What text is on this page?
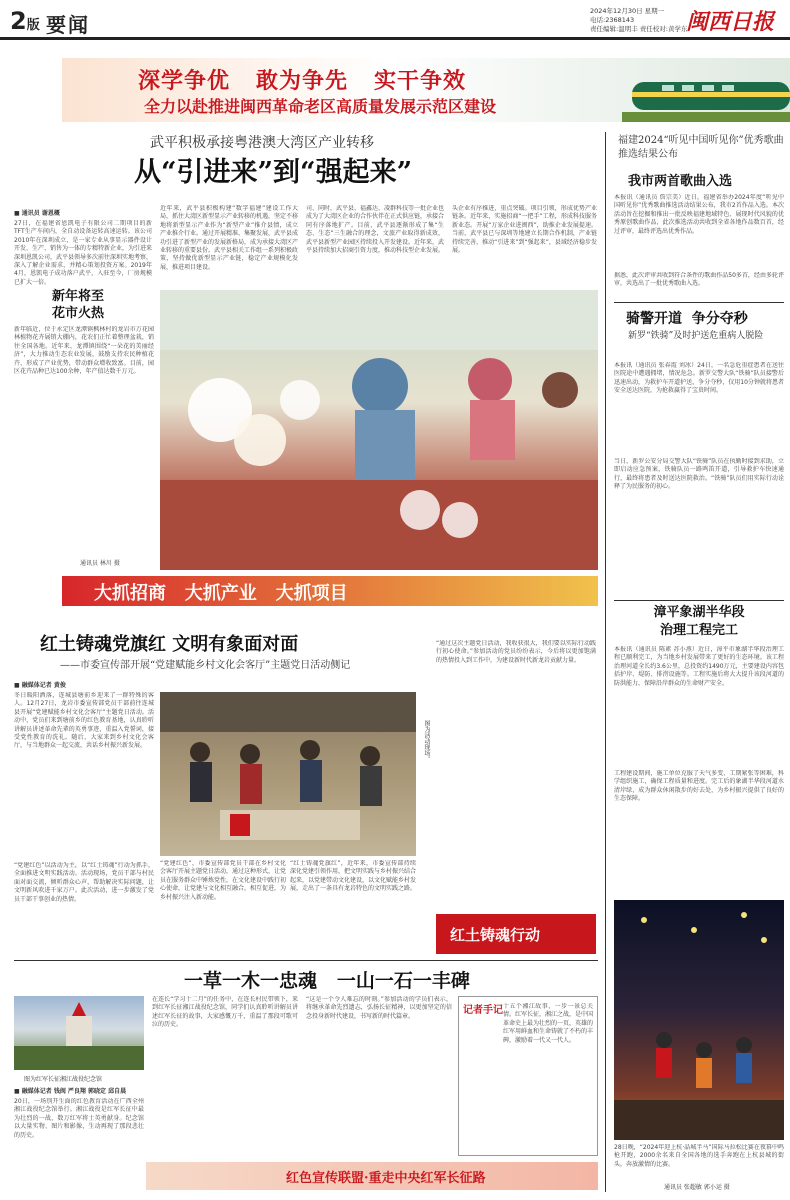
2版 要闻
2024年12月30日 星期一
电话:2368143
责任编辑:温明丰 责任校对:黄学东
闽西日报
深学争优   敢为争先   实干争效
全力以赴推进闽西革命老区高质量发展示范区建设
武平积极承接粤港澳大湾区产业转移
从“引进来”到“强起来”
■ 通讯员 谢恩概
27日，在福建省恩凯电子有限公司二期项目的新TFT生产车间内，全自动设备运转高速运转。该公司2010年在深圳成立，是一家专业从事显示器件设计开发、生产、销售为一体的专精特新企业，为引进来深圳恩凯公司，武平县领导多次前往深圳实地考察，深入了解企业需求，并精心策划投资方案。2019年4月，恩凯电子成功落户武平，入驻至今，厂房规模已扩大一倍。
近年来，武平县积极构建“数字福建”建设工作大局，抓住大湾区新型显示产业转移的机遇，坚定不移地将新型显示产业作为“新型产业”推介县情，成立产业推介行业。通过开展精准、集聚发展，武平县成功引进了新型产业的发展新格局，成为承接大湾区产业转移的重要县份。武平县相关工作组一系列积极政策，坚持做优新型显示产业链，稳定产业规模化发展，推进项目建设。
司、同时，武平县、福鑫达、凌群科技等一批企业也成为了大湾区企业的合作伙伴在正式供应链，承接合同有序落地扩产。目前，武平县逐渐形成了集“生态、生态”三生融合的理念，文旅产业取得新成效，武平县新型产业园区持续投入开发建设。近年来，武平县持续加大招商引资力度，推动科技型企业发展。
头企业有序推进，重点突破。项目引领，形成优势产业链条。近年来，实施招商“一把手”工程，形成科技服务新业态。开展“万家企业进闽西”，助推企业发展提速。当前，武平县已与深圳等地建立长期合作机制，产业链持续完善，推动“引进来”到“强起来”，县域经济稳步发展。
新年将至
花市火热
新年临近，位于永定区龙潭镇枫林村的龙岩市万花园林植物花卉展销大棚内，花农们正忙着整理盆栽，销往全国各地。近年来，龙潭镇围绕“一朵花的美丽经济”，大力推动生态农业发展，鼓励支持农民种植花卉，形成了产业优势，带动群众增收致富。目前，园区花卉品种已达100余种，年产值达数千万元。
通讯员 林川 摄
大抓招商   大抓产业   大抓项目
红土铸魂党旗红 文明有象面对面
——市委宣传部开展“党建赋能乡村文化会客厅”主题党日活动侧记
■ 融媒体记者 黄俊
冬日暖阳洒落，连城县塘前乡迎来了一群特殊的客人。12月27日，龙岩市委宣传部党员干部前往连城县开展“党建赋能乡村文化会客厅”主题党日活动。活动中，党员们来到塘前乡的红色教育基地，认真聆听讲解员讲述革命先辈的英勇事迹，重温入党誓词，接受党性教育的洗礼。随后，大家来到乡村文化会客厅，与当地群众一起交流，共话乡村振兴新发展。
“党建红色”以活动为主，以“红土铸魂”行动为抓手，全面推进文明实践活动。活动现场，党员干部与村民面对面交流，倾听群众心声，帮助解决实际问题，让文明新风吹进千家万户。此次活动，进一步激发了党员干部干事创业的热情。
图为活动现场。
“党建红色”，市委宣传部党员干部在乡村文化会客厅开展主题党日活动，通过这种形式，让党员在服务群众中锤炼党性，在文化建设中践行初心使命，让党建与文化相互融合，相互促进，为乡村振兴注入新动能。
“红土铸魂党旗红”，近年来，市委宣传部持续深化党建引领作用，把文明实践与乡村振兴结合起来，以党建带动文化建设，以文化赋能乡村发展，走出了一条具有龙岩特色的文明实践之路。
“通过这次主题党日活动，我收获很大，我们要以实际行动践行初心使命。”参加活动的党员纷纷表示，今后将以更加饱满的热情投入到工作中，为建设新时代新龙岩贡献力量。
红土铸魂行动
一草一木一忠魂   一山一石一丰碑
图为红军长征湘江战役纪念馆
■ 融媒体记者 钱闽 严良翔 郭晓定 邱自晨
20日，一场别开生面的红色教育活动在广西全州湘江战役纪念馆举行。湘江战役是红军长征中最为壮烈的一战，数万红军将士英勇献身。纪念馆以大量实物、图片和影像，生动再现了那段悲壮的历史。
在连长“学习十二月”的任务中，在连长村民带领下，来到红军长征湘江战役纪念馆，同学们认真聆听讲解员讲述红军长征的故事，大家感慨万千，重温了那段可歌可泣的历史。
“这是一个令人难忘的时刻。”参加活动的学员们表示，将继承革命先烈遗志，弘扬长征精神，以更加坚定的信念投身新时代建设，书写新的时代篇章。
记者手记 十五个湘江故事，一步一景总关情。红军长征，湘江之战，是中国革命史上最为壮烈的一页，英雄的红军用鲜血和生命铸就了不朽的丰碑，激励着一代又一代人。
红色宣传联盟·重走中央红军长征路
福建2024“听见中国听见你”优秀歌曲推选结果公布
我市两首歌曲入选
本报讯（通讯员 詹宗美）近日，福建省举办2024年度“听见中国听见你”优秀歌曲推选活动结果公布，我市2首作品入选。本次活动旨在挖掘和推出一批反映福建地域特色、展现时代风貌的优秀原创歌曲作品，此次推选活动共收到全省各地作品数百首，经过评审，最终评选出优秀作品。
据悉，此次评审共收到符合条件的歌曲作品50多首，经由多轮评审，共选出了一批优秀歌曲入选。
骑警开道  争分夺秒
新罗“铁骑”及时护送危重病人脱险
本报讯（通讯员 张春霞 刘冰）24日，一名急危重症患者在送往医院途中遭遇拥堵，情况危急。新罗交警大队“铁骑”队员接警后迅速出动，为救护车开道护送，争分夺秒，仅用10分钟就将患者安全送达医院，为抢救赢得了宝贵时间。
当日，新罗公安分局交警大队“铁骑”队员在执勤时接到求助，立即启动应急预案，铁骑队员一路鸣笛开道，引导救护车快速通行，最终将患者及时送达医院救治。“铁骑”队员们用实际行动诠释了为民服务的初心。
漳平象湖半华段
治理工程完工
本报讯（通讯员 陈素 苏小燕）近日，漳平市象湖半华段治理工程已顺利完工，为当地乡村发展带来了更好的生态环境。该工程治理河道全长约3.6公里，总投资约1490万元，主要建设内容包括护岸、堤防、排涝设施等。工程实施后将大大提升该段河道的防洪能力，保障沿岸群众的生命财产安全。
工程建设期间，施工单位克服了天气多变、工期紧张等困难，科学组织施工，确保工程质量和进度。完工后的象湖半华段河道水清岸绿，成为群众休闲散步的好去处，为乡村振兴提供了良好的生态保障。
28日晚，“2024年迎上杭·晶城半马”国际马拉松比赛在夜幕中鸣枪开跑，2000余名来自全国各地的选手奔跑在上杭县城的街头，奔放激情的比赛。
通讯员 张超敏 郭小运 摄
